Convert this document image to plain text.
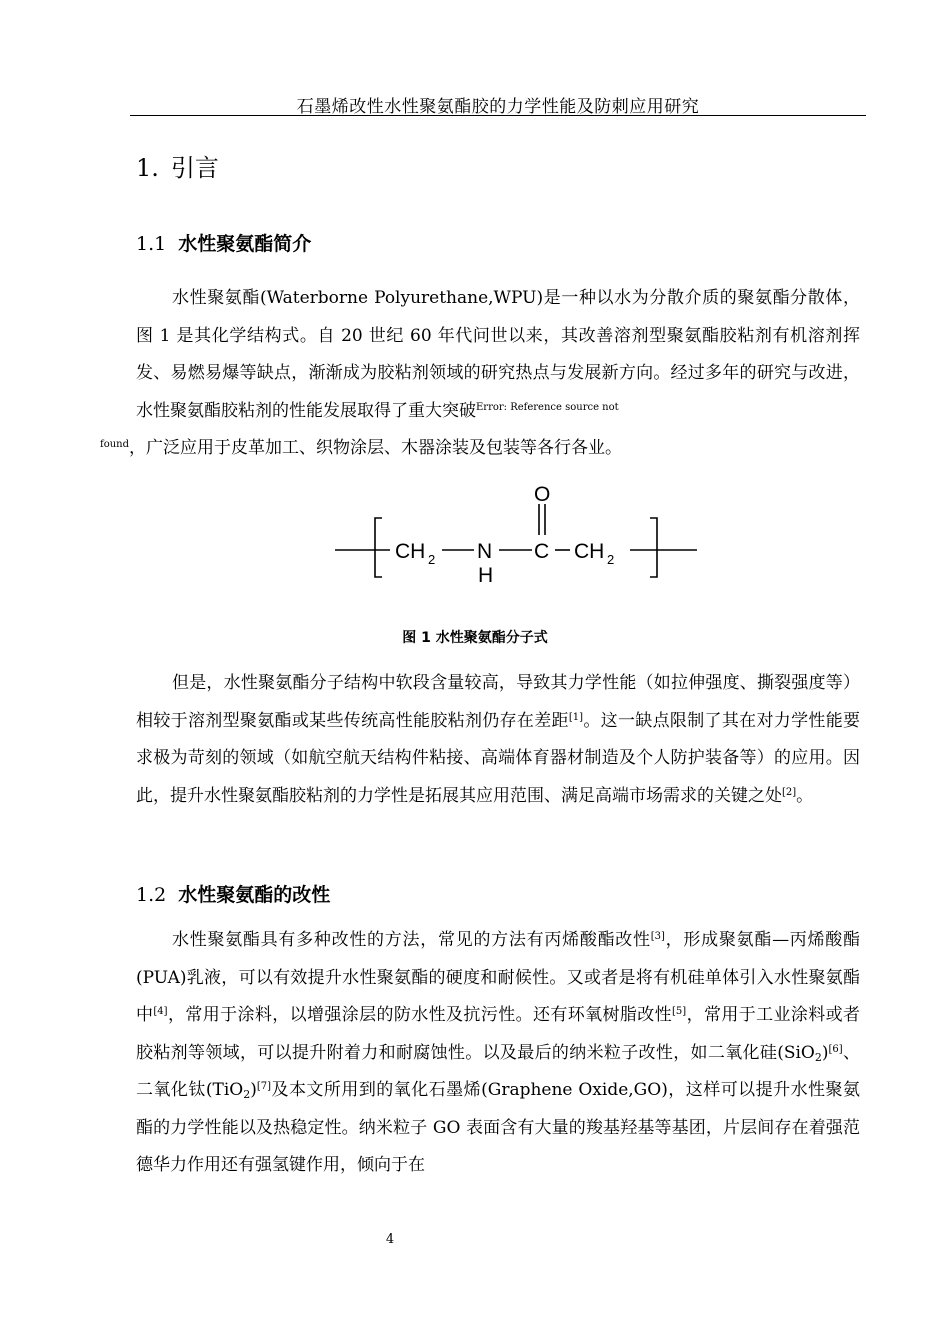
石墨烯改性水性聚氨酯胶的力学性能及防刺应用研究
1. 引言
1.1 水性聚氨酯简介
水性聚氨酯(Waterborne Polyurethane,WPU)是一种以水为分散介质的聚氨酯分散体，图 1 是其化学结构式。自 20 世纪 60 年代问世以来，其改善溶剂型聚氨酯胶粘剂有机溶剂挥发、易燃易爆等缺点，渐渐成为胶粘剂领域的研究热点与发展新方向。经过多年的研究与改进，水性聚氨酯胶粘剂的性能发展取得了重大突破$^{Error: Reference source not}$
$^{found}$，广泛应用于皮革加工、织物涂层、木器涂装及包装等各行各业。
CH 2 N
H
C
O
CH 2
图 1 水性聚氨酯分子式
但是，水性聚氨酯分子结构中软段含量较高，导致其力学性能（如拉伸强度、撕裂强度等）相较于溶剂型聚氨酯或某些传统高性能胶粘剂仍存在差距[1]。这一缺点限制了其在对力学性能要求极为苛刻的领域（如航空航天结构件粘接、高端体育器材制造及个人防护装备等）的应用。因此，提升水性聚氨酯胶粘剂的力学性是拓展其应用范围、满足高端市场需求的关键之处[2]。
1.2 水性聚氨酯的改性
水性聚氨酯具有多种改性的方法，常见的方法有丙烯酸酯改性[3]，形成聚氨酯—丙烯酸酯(PUA)乳液，可以有效提升水性聚氨酯的硬度和耐候性。又或者是将有机硅单体引入水性聚氨酯中[4]，常用于涂料，以增强涂层的防水性及抗污性。还有环氧树脂改性[5]，常用于工业涂料或者胶粘剂等领域，可以提升附着力和耐腐蚀性。以及最后的纳米粒子改性，如二氧化硅(SiO$_2$)[6]、二氧化钛(TiO$_2$)[7]及本文所用到的氧化石墨烯(Graphene Oxide,GO)，这样可以提升水性聚氨酯的力学性能以及热稳定性。纳米粒子 GO 表面含有大量的羧基羟基等基团，片层间存在着强范德华力作用还有强氢键作用，倾向于在
4
